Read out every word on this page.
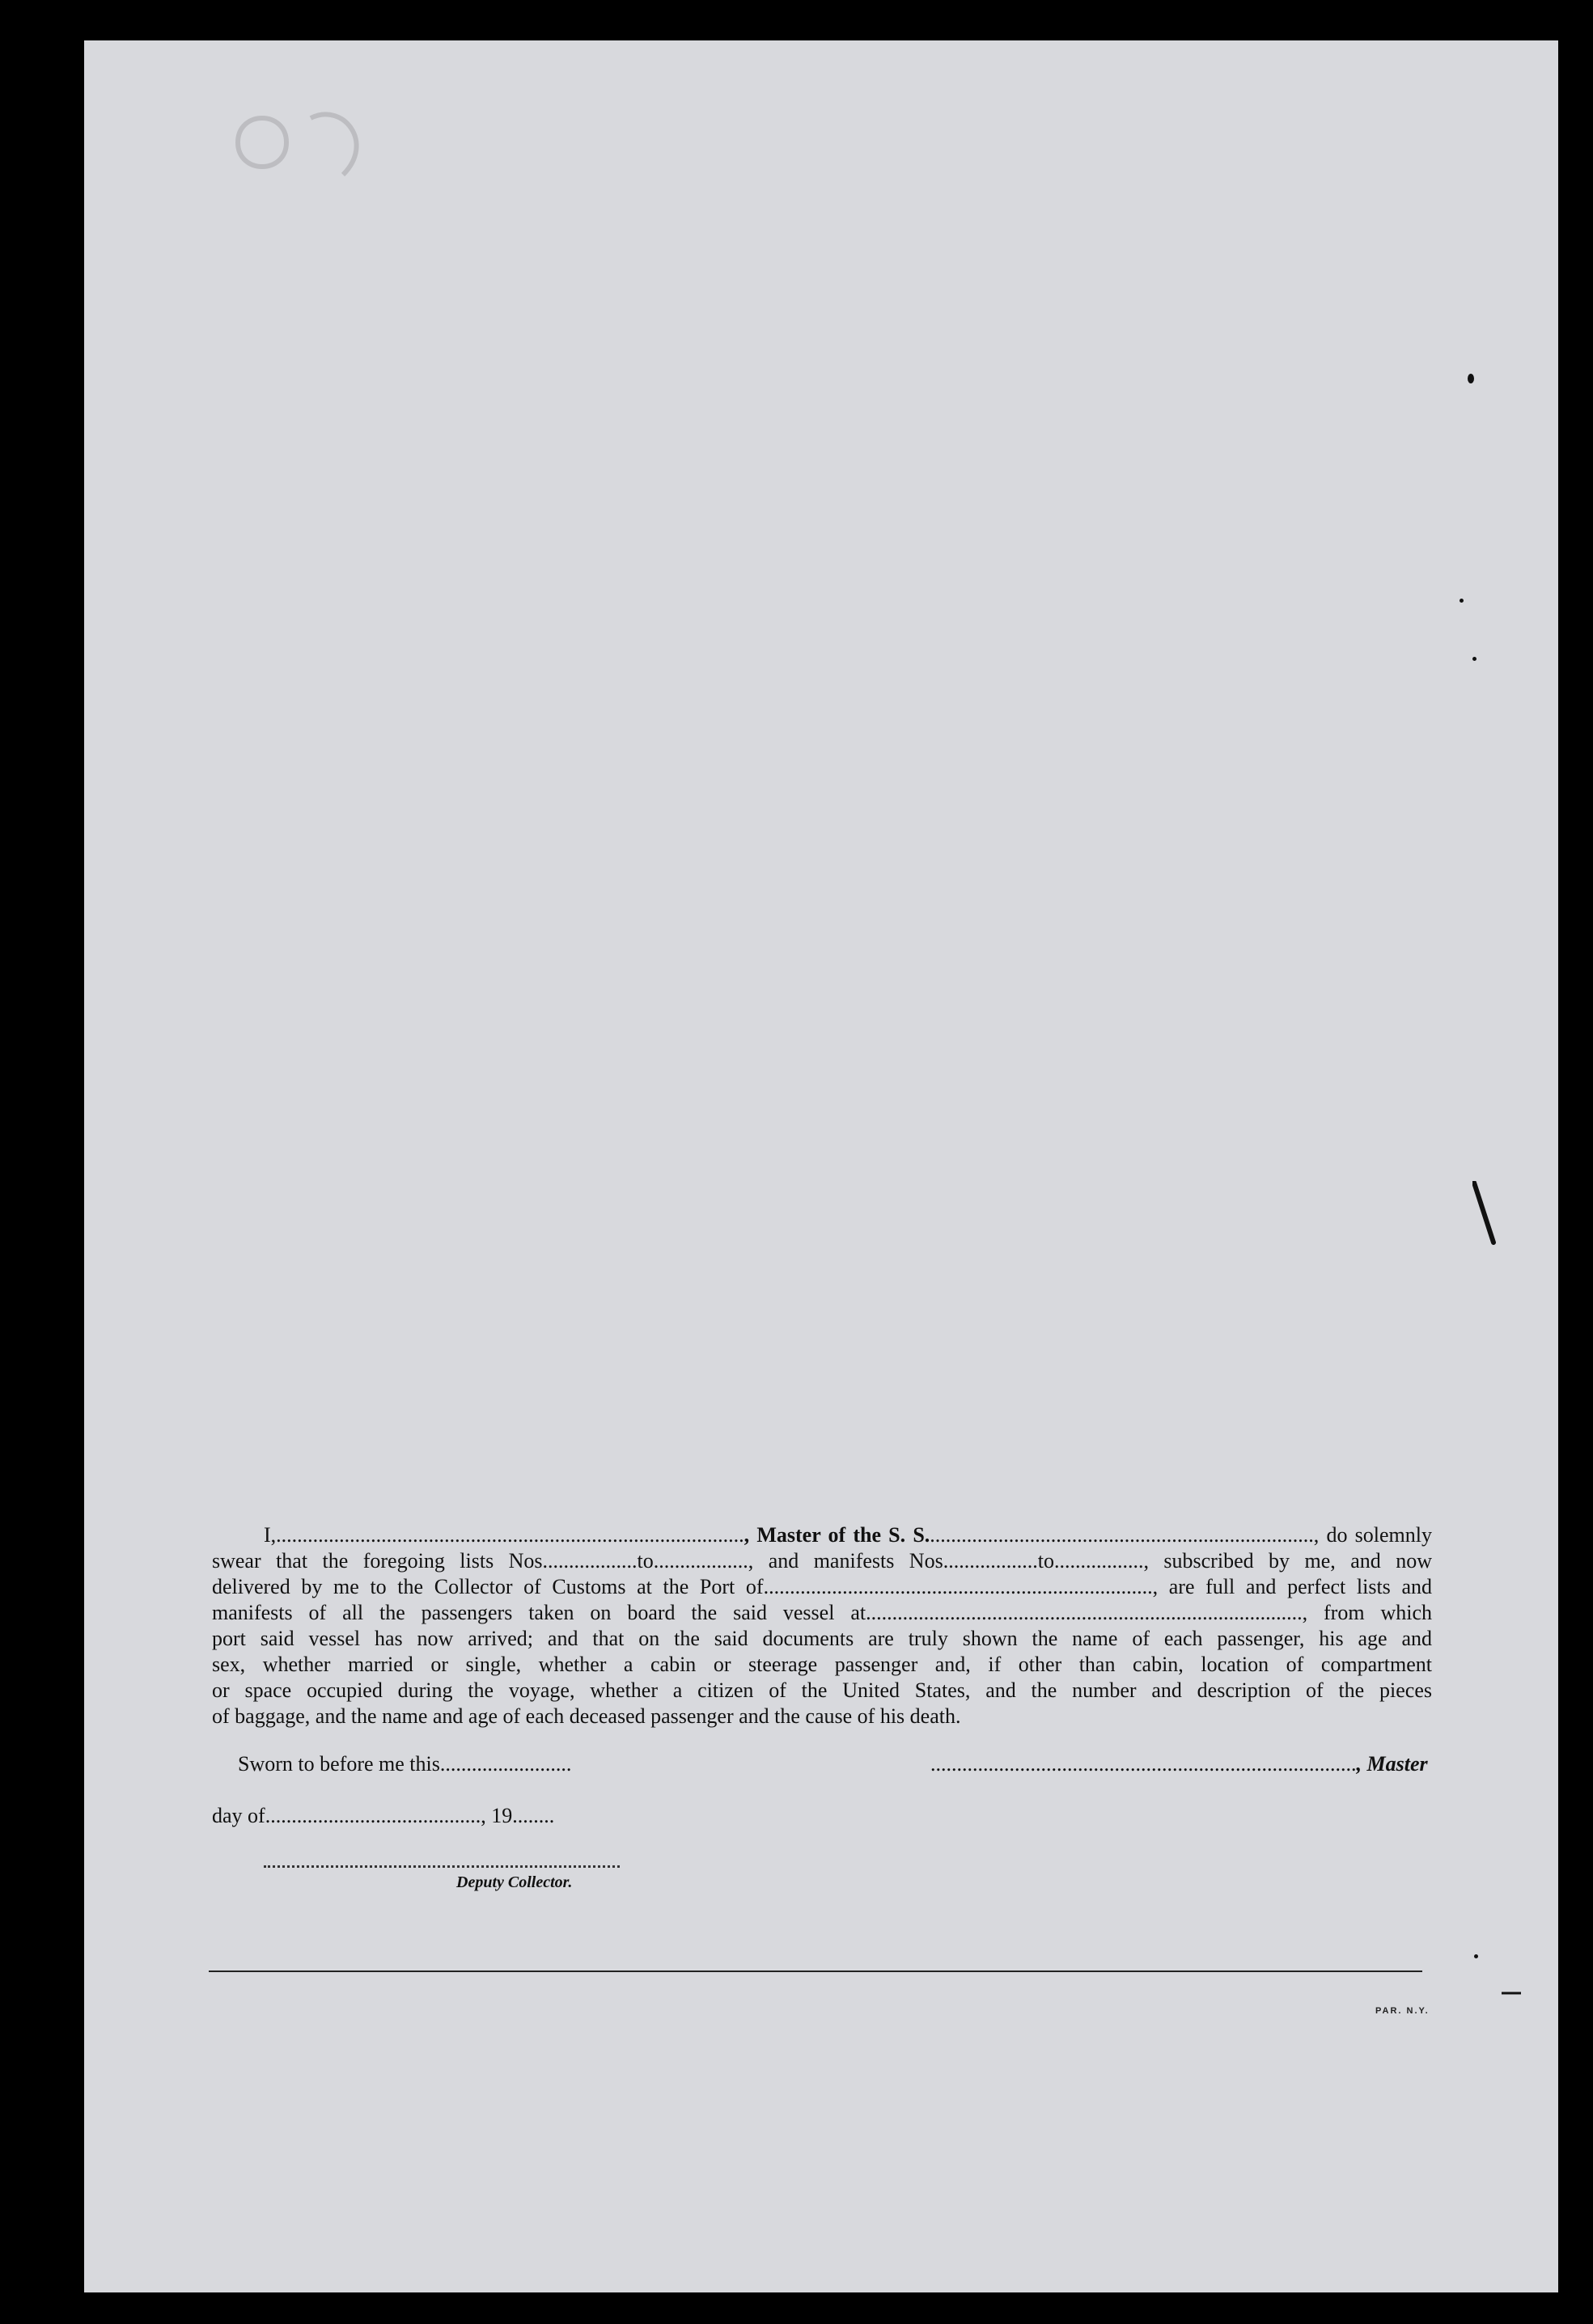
I,........................................................................................., Master of the S. S.........................................................................., do solemnly
swear that the foregoing lists Nos..................to.................., and manifests Nos..................to................., subscribed by me, and now
delivered by me to the Collector of Customs at the Port of.........................................................................., are full and perfect lists and
manifests of all the passengers taken on board the said vessel at..................................................................................., from which
port said vessel has now arrived; and that on the said documents are truly shown the name of each passenger, his age and
sex, whether married or single, whether a cabin or steerage passenger and, if other than cabin, location of compartment
or space occupied during the voyage, whether a citizen of the United States, and the number and description of the pieces
of baggage, and the name and age of each deceased passenger and the cause of his death.
Sworn to before me this.........................	................................................................................., Master
day of........................................., 19........
Deputy Collector.
PAR. N.Y.
